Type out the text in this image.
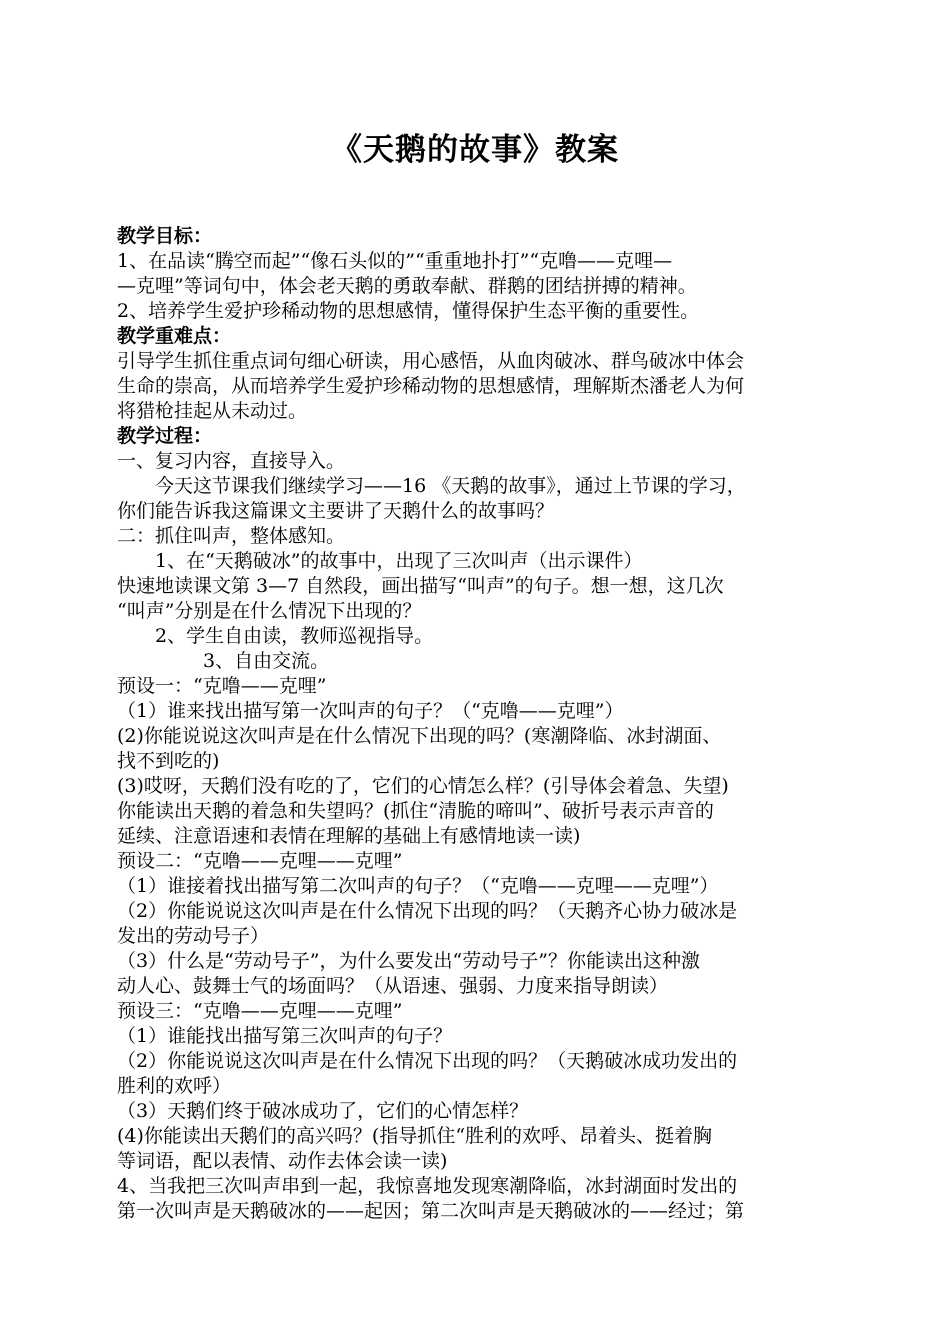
《天鹅的故事》教案
教学目标：
1、在品读“腾空而起”“像石头似的”“重重地扑打”“克噜——克哩—
—克哩”等词句中，体会老天鹅的勇敢奉献、群鹅的团结拼搏的精神。
2、培养学生爱护珍稀动物的思想感情，懂得保护生态平衡的重要性。
教学重难点：
引导学生抓住重点词句细心研读，用心感悟，从血肉破冰、群鸟破冰中体会
生命的崇高，从而培养学生爱护珍稀动物的思想感情，理解斯杰潘老人为何
将猎枪挂起从未动过。
教学过程：
一、复习内容，直接导入。
今天这节课我们继续学习——16 《天鹅的故事》，通过上节课的学习，
你们能告诉我这篇课文主要讲了天鹅什么的故事吗？
二：抓住叫声，整体感知。
1、在“天鹅破冰”的故事中，出现了三次叫声（出示课件）
快速地读课文第 3—7 自然段，画出描写“叫声”的句子。想一想，这几次
“叫声”分别是在什么情况下出现的？
2、学生自由读，教师巡视指导。
3、自由交流。
预设一：“克噜——克哩”
（1）谁来找出描写第一次叫声的句子？（“克噜——克哩”）
(2)你能说说这次叫声是在什么情况下出现的吗？(寒潮降临、冰封湖面、
找不到吃的)
(3)哎呀，天鹅们没有吃的了，它们的心情怎么样？(引导体会着急、失望)
你能读出天鹅的着急和失望吗？(抓住“清脆的啼叫”、破折号表示声音的
延续、注意语速和表情在理解的基础上有感情地读一读)
预设二：“克噜——克哩——克哩”
（1）谁接着找出描写第二次叫声的句子？（“克噜——克哩——克哩”）
（2）你能说说这次叫声是在什么情况下出现的吗？（天鹅齐心协力破冰是
发出的劳动号子）
（3）什么是“劳动号子”，为什么要发出“劳动号子”？你能读出这种激
动人心、鼓舞士气的场面吗？（从语速、强弱、力度来指导朗读）
预设三：“克噜——克哩——克哩”
（1）谁能找出描写第三次叫声的句子？
（2）你能说说这次叫声是在什么情况下出现的吗？（天鹅破冰成功发出的
胜利的欢呼）
（3）天鹅们终于破冰成功了，它们的心情怎样？
(4)你能读出天鹅们的高兴吗？(指导抓住“胜利的欢呼、昂着头、挺着胸
等词语，配以表情、动作去体会读一读)
4、当我把三次叫声串到一起，我惊喜地发现寒潮降临，冰封湖面时发出的
第一次叫声是天鹅破冰的——起因；第二次叫声是天鹅破冰的——经过；第
